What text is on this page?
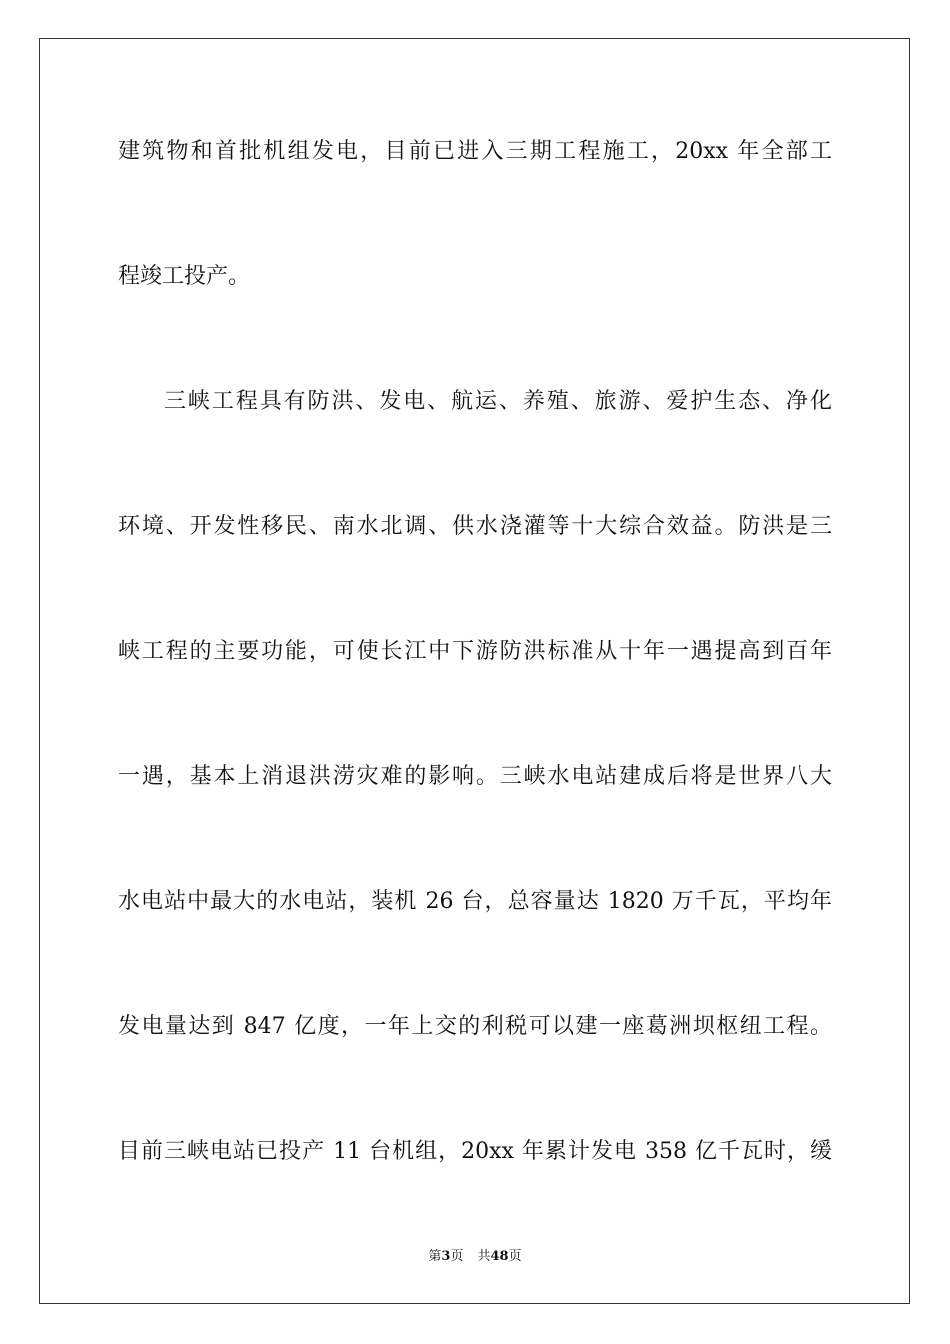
建筑物和首批机组发电，目前已进入三期工程施工，20xx 年全部工
程竣工投产。
三峡工程具有防洪、发电、航运、养殖、旅游、爱护生态、净化
环境、开发性移民、南水北调、供水浇灌等十大综合效益。防洪是三
峡工程的主要功能，可使长江中下游防洪标准从十年一遇提高到百年
一遇，基本上消退洪涝灾难的影响。三峡水电站建成后将是世界八大
水电站中最大的水电站，装机 26 台，总容量达 1820 万千瓦，平均年
发电量达到 847 亿度，一年上交的利税可以建一座葛洲坝枢纽工程。
目前三峡电站已投产 11 台机组，20xx 年累计发电 358 亿千瓦时，缓
第3页 共48页
